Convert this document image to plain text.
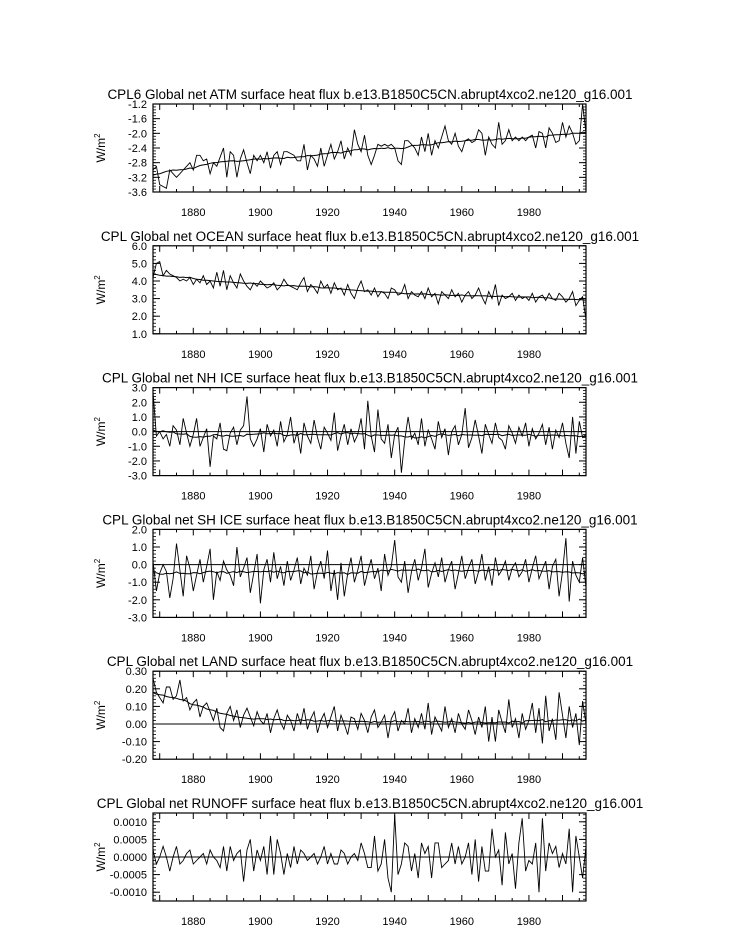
CPL6 Global net ATM surface heat flux b.e13.B1850C5CN.abrupt4xco2.ne120_g16.001
$W/m^2$
1880	1900	1920	1940	1960	1980
-3.6
-3.2
-2.8
-2.4
-2.0
-1.6
-1.2
CPL Global net OCEAN surface heat flux b.e13.B1850C5CN.abrupt4xco2.ne120_g16.001
$W/m^2$
1880	1900	1920	1940	1960	1980
1.0
2.0
3.0
4.0
5.0
6.0
CPL Global net NH ICE surface heat flux b.e13.B1850C5CN.abrupt4xco2.ne120_g16.001
$W/m^2$
1880	1900	1920	1940	1960	1980
-3.0
-2.0
-1.0
0.0
1.0
2.0
3.0
CPL Global net SH ICE surface heat flux b.e13.B1850C5CN.abrupt4xco2.ne120_g16.001
$W/m^2$
1880	1900	1920	1940	1960	1980
-3.0
-2.0
-1.0
0.0
1.0
2.0
CPL Global net LAND surface heat flux b.e13.B1850C5CN.abrupt4xco2.ne120_g16.001
$W/m^2$
1880	1900	1920	1940	1960	1980
-0.20
-0.10
0.00
0.10
0.20
0.30
CPL Global net RUNOFF surface heat flux b.e13.B1850C5CN.abrupt4xco2.ne120_g16.001
$W/m^2$
1880	1900	1920	1940	1960	1980
-0.0010
-0.0005
0.0000
0.0005
0.0010
